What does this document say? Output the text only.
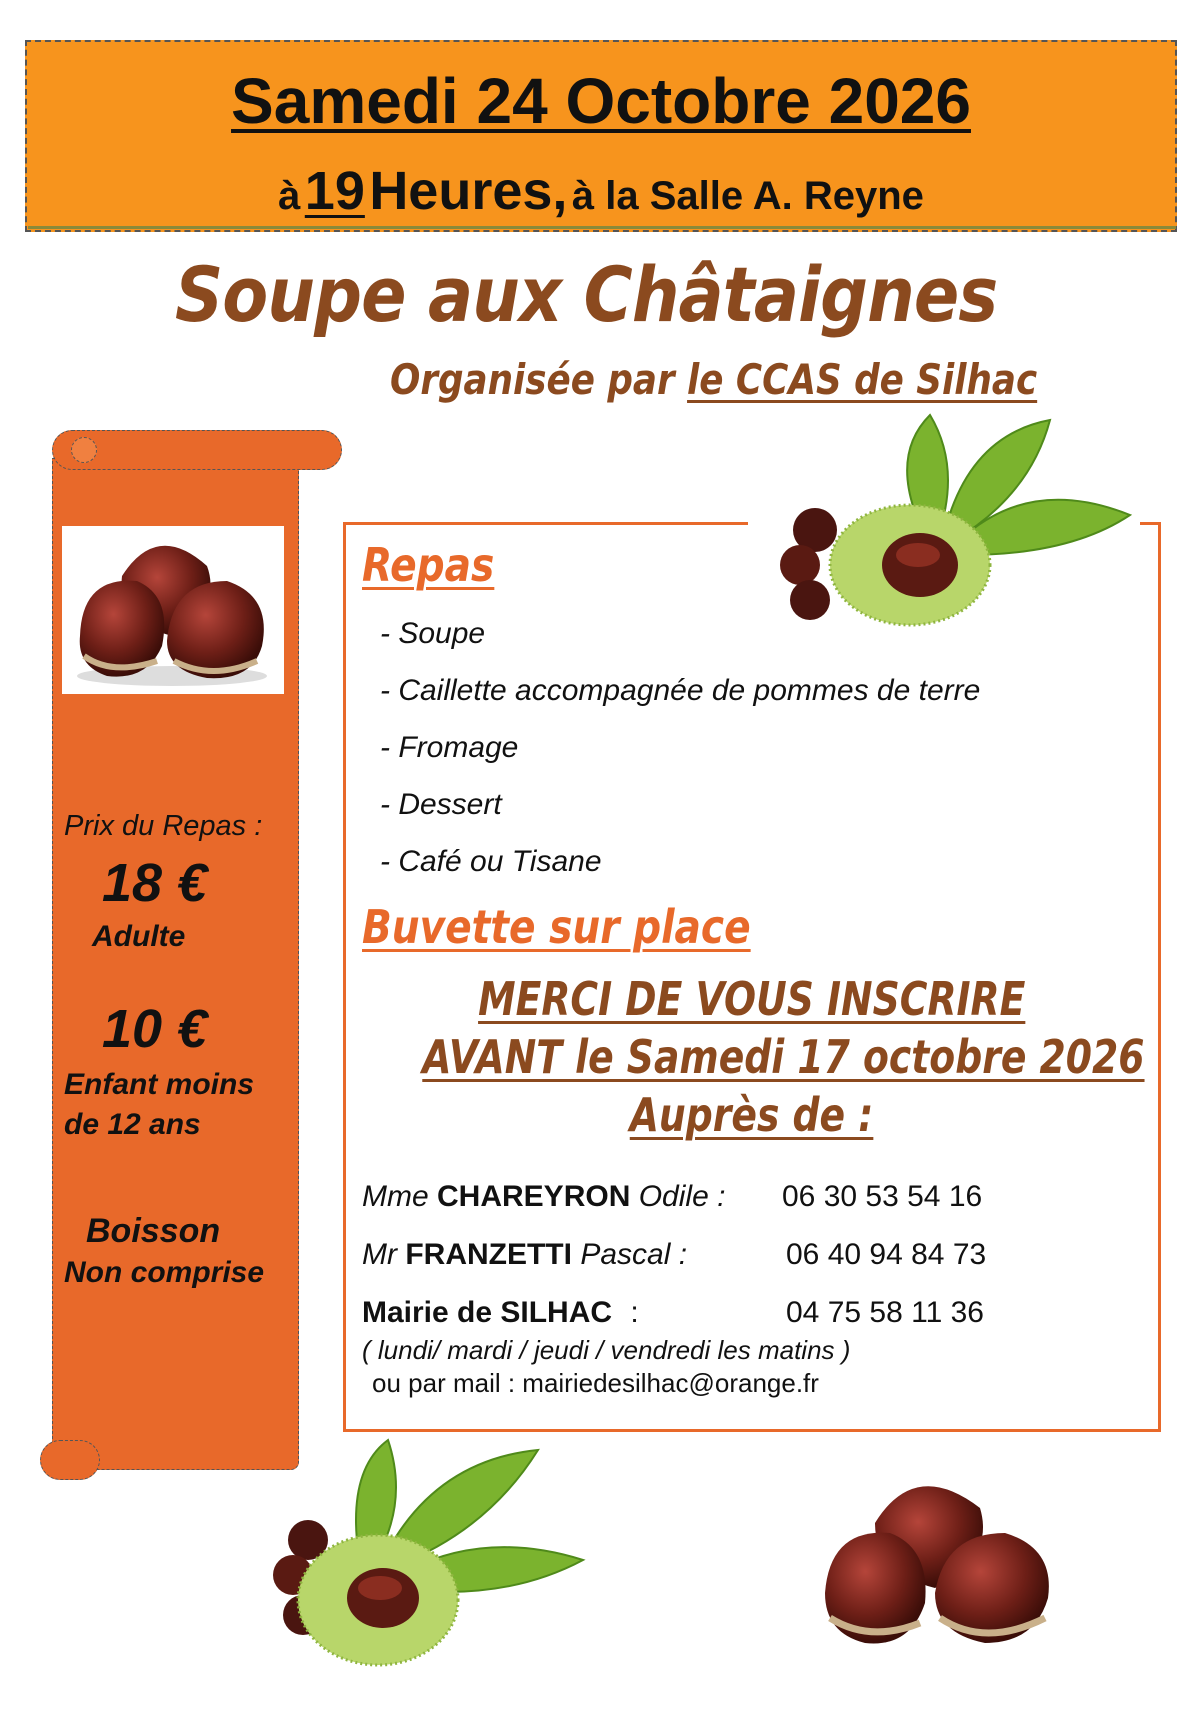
Samedi 24 Octobre 2026
à 19 Heures, à la Salle A. Reyne
Soupe aux Châtaignes
Organisée par le CCAS de Silhac
Prix du Repas :
18 €
Adulte
10 €
Enfant moins de 12 ans
Boisson
Non comprise
Repas
- Soupe
- Caillette accompagnée de pommes de terre
- Fromage
- Dessert
- Café ou Tisane
Buvette sur place
MERCI DE VOUS INSCRIRE
AVANT le Samedi 17 octobre 2026
Auprès de :
Mme CHAREYRON Odile : 06 30 53 54 16
Mr FRANZETTI Pascal :	06 40 94 84 73
Mairie de SILHAC :	04 75 58 11 36
( lundi/ mardi / jeudi / vendredi les matins )
ou par mail : mairiedesilhac@orange.fr
